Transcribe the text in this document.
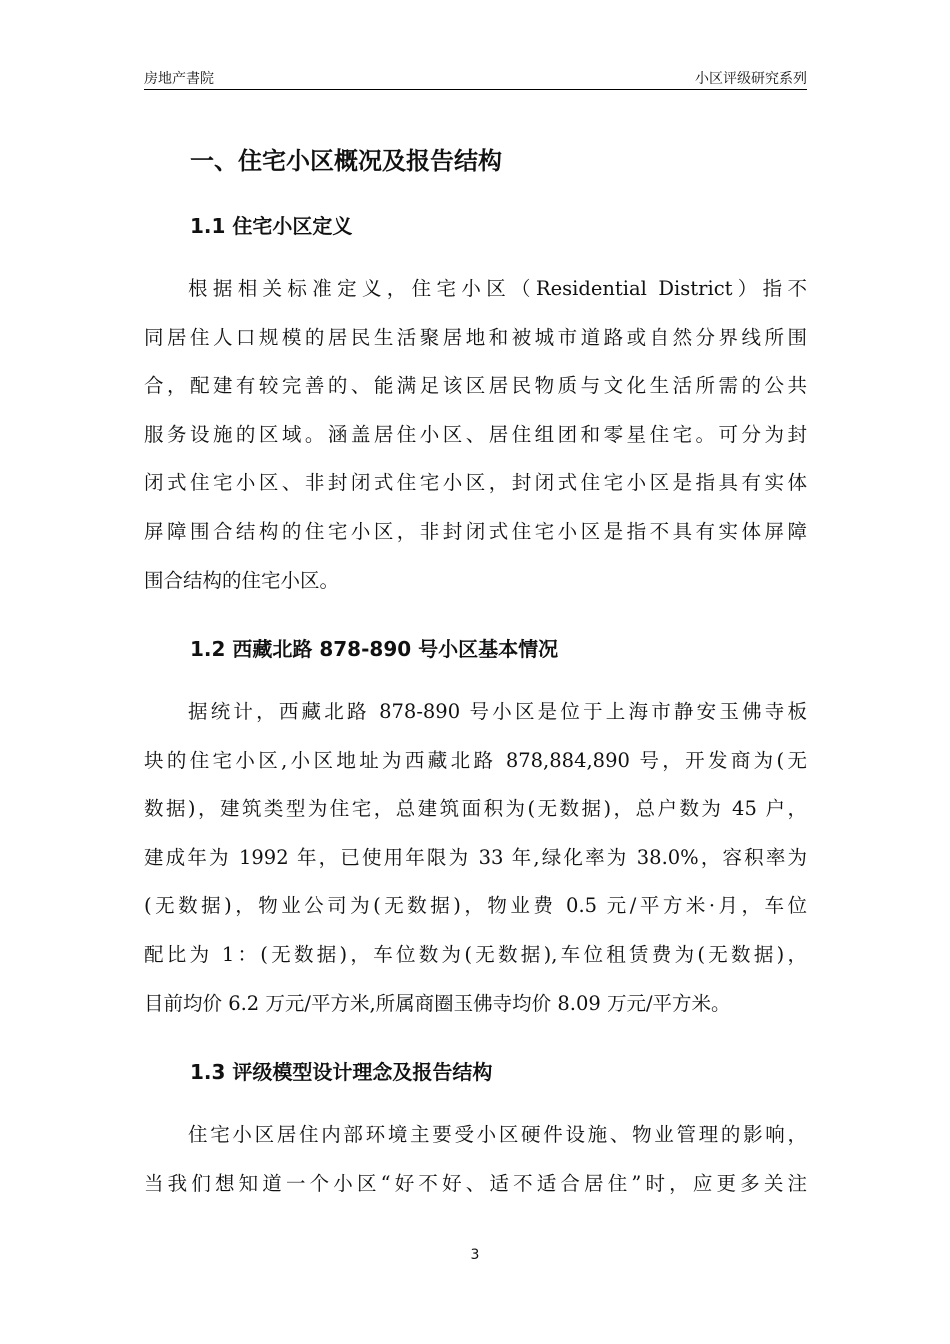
房地产書院	小区评级研究系列
一、住宅小区概况及报告结构
1.1 住宅小区定义
根据相关标准定义，住宅小区（Residential District）指不
同居住人口规模的居民生活聚居地和被城市道路或自然分界线所围
合，配建有较完善的、能满足该区居民物质与文化生活所需的公共
服务设施的区域。涵盖居住小区、居住组团和零星住宅。可分为封
闭式住宅小区、非封闭式住宅小区，封闭式住宅小区是指具有实体
屏障围合结构的住宅小区，非封闭式住宅小区是指不具有实体屏障
围合结构的住宅小区。
1.2 西藏北路 878-890 号小区基本情况
据统计，西藏北路 878-890 号小区是位于上海市静安玉佛寺板
块的住宅小区,小区地址为西藏北路 878,884,890 号，开发商为(无
数据)，建筑类型为住宅，总建筑面积为(无数据)，总户数为 45 户，
建成年为 1992 年，已使用年限为 33 年,绿化率为 38.0%，容积率为
(无数据)，物业公司为(无数据)，物业费 0.5 元/平方米·月，车位
配比为 1：(无数据)，车位数为(无数据),车位租赁费为(无数据)，
目前均价 6.2 万元/平方米,所属商圈玉佛寺均价 8.09 万元/平方米。
1.3 评级模型设计理念及报告结构
住宅小区居住内部环境主要受小区硬件设施、物业管理的影响，
当我们想知道一个小区“好不好、适不适合居住”时，应更多关注
3
